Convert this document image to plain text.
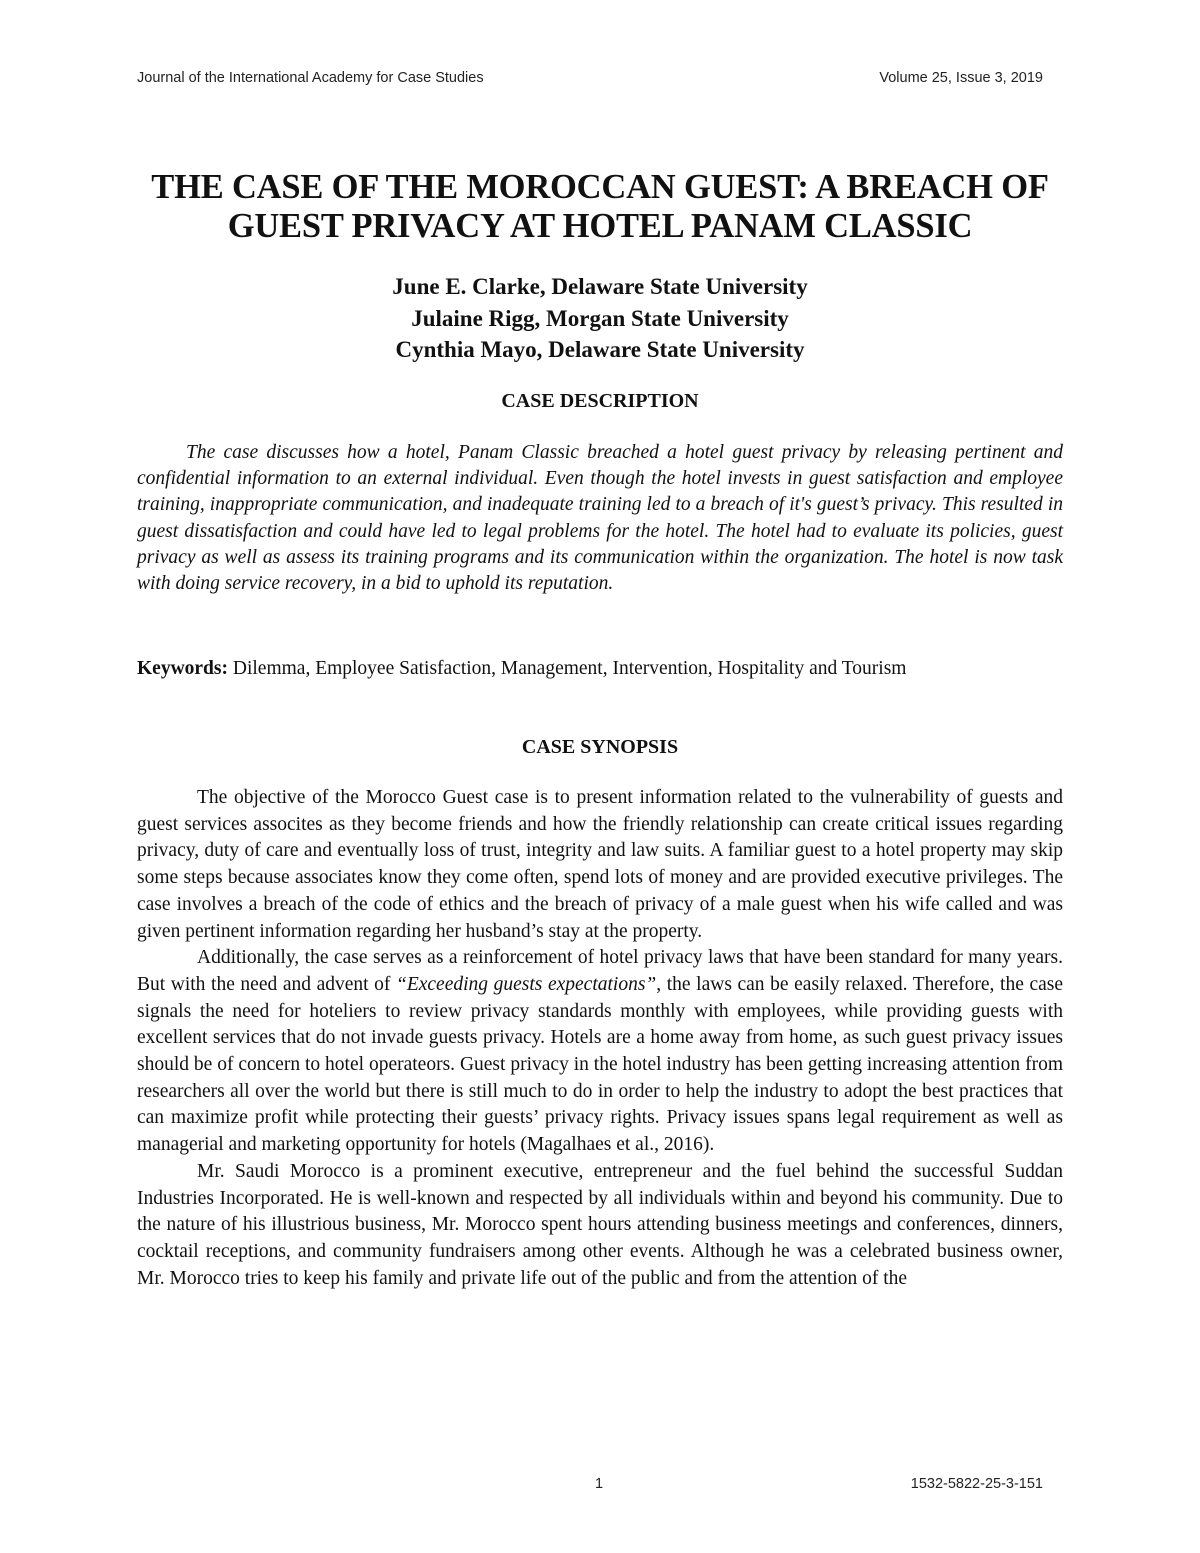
Journal of the International Academy for Case Studies	Volume 25, Issue 3, 2019
THE CASE OF THE MOROCCAN GUEST: A BREACH OF GUEST PRIVACY AT HOTEL PANAM CLASSIC
June E. Clarke, Delaware State University
Julaine Rigg, Morgan State University
Cynthia Mayo, Delaware State University
CASE DESCRIPTION

The case discusses how a hotel, Panam Classic breached a hotel guest privacy by releasing pertinent and confidential information to an external individual. Even though the hotel invests in guest satisfaction and employee training, inappropriate communication, and inadequate training led to a breach of it's guest’s privacy. This resulted in guest dissatisfaction and could have led to legal problems for the hotel. The hotel had to evaluate its policies, guest privacy as well as assess its training programs and its communication within the organization. The hotel is now task with doing service recovery, in a bid to uphold its reputation.

Keywords: Dilemma, Employee Satisfaction, Management, Intervention, Hospitality and Tourism

CASE SYNOPSIS

The objective of the Morocco Guest case is to present information related to the vulnerability of guests and guest services assocites as they become friends and how the friendly relationship can create critical issues regarding privacy, duty of care and eventually loss of trust, integrity and law suits. A familiar guest to a hotel property may skip some steps because associates know they come often, spend lots of money and are provided executive privileges. The case involves a breach of the code of ethics and the breach of privacy of a male guest when his wife called and was given pertinent information regarding her husband’s stay at the property.

Additionally, the case serves as a reinforcement of hotel privacy laws that have been standard for many years. But with the need and advent of “Exceeding guests expectations”, the laws can be easily relaxed. Therefore, the case signals the need for hoteliers to review privacy standards monthly with employees, while providing guests with excellent services that do not invade guests privacy. Hotels are a home away from home, as such guest privacy issues should be of concern to hotel operateors. Guest privacy in the hotel industry has been getting increasing attention from researchers all over the world but there is still much to do in order to help the industry to adopt the best practices that can maximize profit while protecting their guests’ privacy rights. Privacy issues spans legal requirement as well as managerial and marketing opportunity for hotels (Magalhaes et al., 2016).

Mr. Saudi Morocco is a prominent executive, entrepreneur and the fuel behind the successful Suddan Industries Incorporated. He is well-known and respected by all individuals within and beyond his community. Due to the nature of his illustrious business, Mr. Morocco spent hours attending business meetings and conferences, dinners, cocktail receptions, and community fundraisers among other events. Although he was a celebrated business owner, Mr. Morocco tries to keep his family and private life out of the public and from the attention of the

1	1532-5822-25-3-151
